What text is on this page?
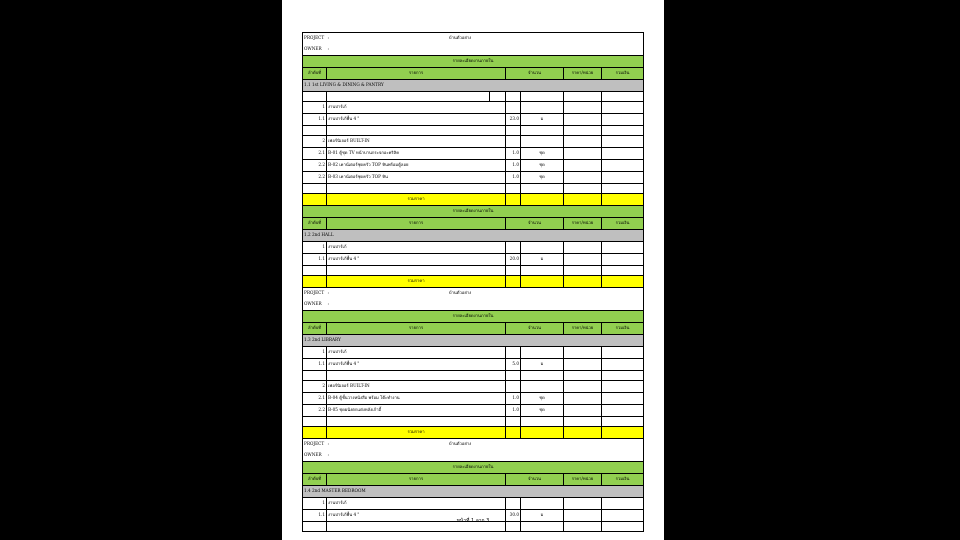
PROJECT	: บ้านตัวอย่าง					
OWNER	:					
รายละเอียดงานภายใน						
ลำดับที่	รายการ		จำนวน		ราคา/หน่วย	รวมเงิน
1.1 1st LIVING & DINING & PANTRY						

1	งานปาร์เก้					
1.1	งานปาร์เก้พื้น 4 "		23.0	ม		

2	เฟอร์นิเจอร์ BUILT-IN					
2.1	B-01 ตู้ชุด TV หน้าบานกระจกอะคริลิค		1.0	ชุด		
2.2	B-02 เคาน์เตอร์ชุดครัว TOP หินพร้อมตู้ลอย		1.0	ชุด		
2.2	B-03 เคาน์เตอร์ชุดครัว TOP หิน		1.0	ชุด		

	รวมราคา					
รายละเอียดงานภายใน						
ลำดับที่	รายการ		จำนวน		ราคา/หน่วย	รวมเงิน
1.2 2nd HALL						
1	งานปาร์เก้					
1.1	งานปาร์เก้พื้น 4 "		20.0	ม		

	รวมราคา					
PROJECT	: บ้านตัวอย่าง					
OWNER	:					
รายละเอียดงานภายใน						
ลำดับที่	รายการ		จำนวน		ราคา/หน่วย	รวมเงิน
1.3 2nd LIBRARY						
1	งานปาร์เก้					
1.1	งานปาร์เก้พื้น 4 "		5.0	ม		

2	เฟอร์นิเจอร์ BUILT-IN					
2.1	B-04 ตู้ชั้นวางหนังสือ พร้อม โต๊ะทำงาน		1.0	ชุด		
2.2	B-05 ชุดผนังตกแต่งหลังเก้าอี้		1.0	ชุด		

	รวมราคา					
PROJECT	: บ้านตัวอย่าง					
OWNER	:					
รายละเอียดงานภายใน						
ลำดับที่	รายการ		จำนวน		ราคา/หน่วย	รวมเงิน
1.4 2nd MASTER BEDROOM						
1	งานปาร์เก้					
1.1	งานปาร์เก้พื้น 4 "		30.0	ม		

หน้าที่ 1 จาก 3
